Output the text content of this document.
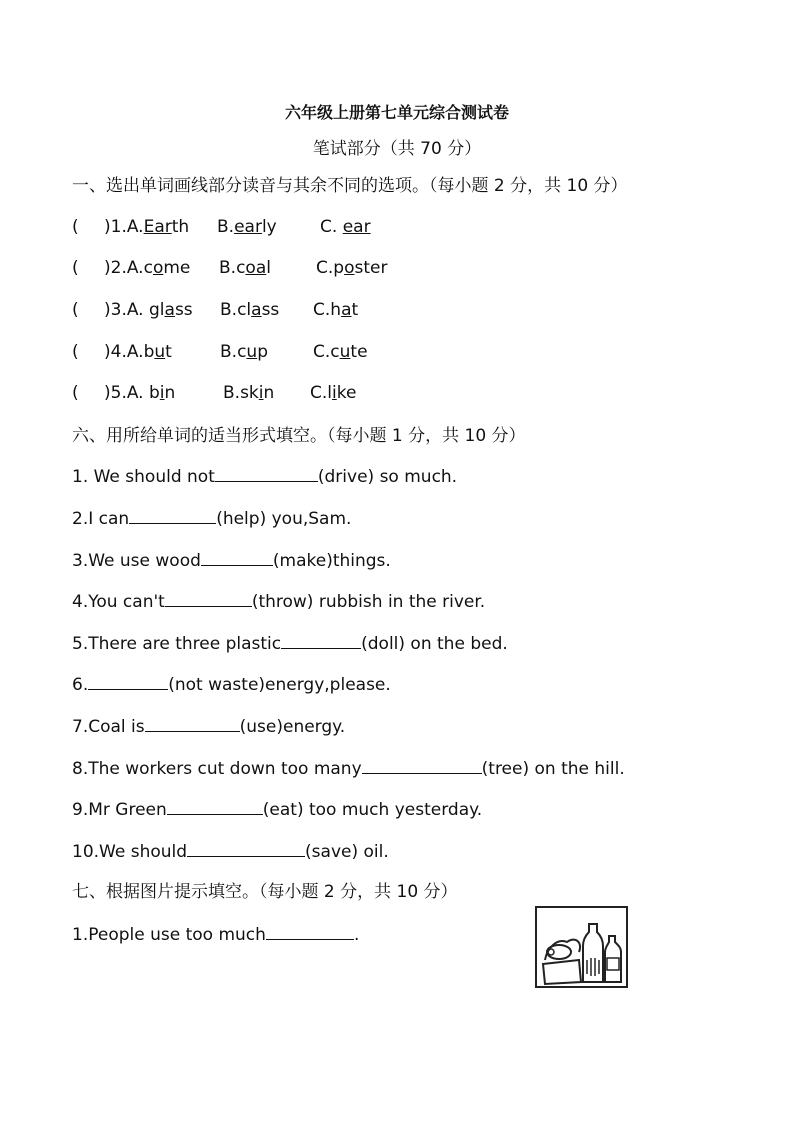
六年级上册第七单元综合测试卷
笔试部分（共 70 分）
一、选出单词画线部分读音与其余不同的选项。（每小题 2 分，共 10 分）
( )1.A.Earth B.early	C. ear
( )2.A.come B.coal	C.poster
( )3.A. glass B.class C.hat
( )4.A.but	B.cup	C.cute
( )5.A. bin	B.skin C.like
六、用所给单词的适当形式填空。（每小题 1 分，共 10 分）
1. We should not	(drive) so much.
2.I can	(help) you,Sam.
3.We use wood	(make)things.
4.You can't	(throw) rubbish in the river.
5.There are three plastic	(doll) on the bed.
6.	(not waste)energy,please.
7.Coal is	(use)energy.
8.The workers cut down too many	(tree) on the hill.
9.Mr Green	(eat) too much yesterday.
10.We should	(save) oil.
七、根据图片提示填空。（每小题 2 分，共 10 分）
1.People use too much	.
